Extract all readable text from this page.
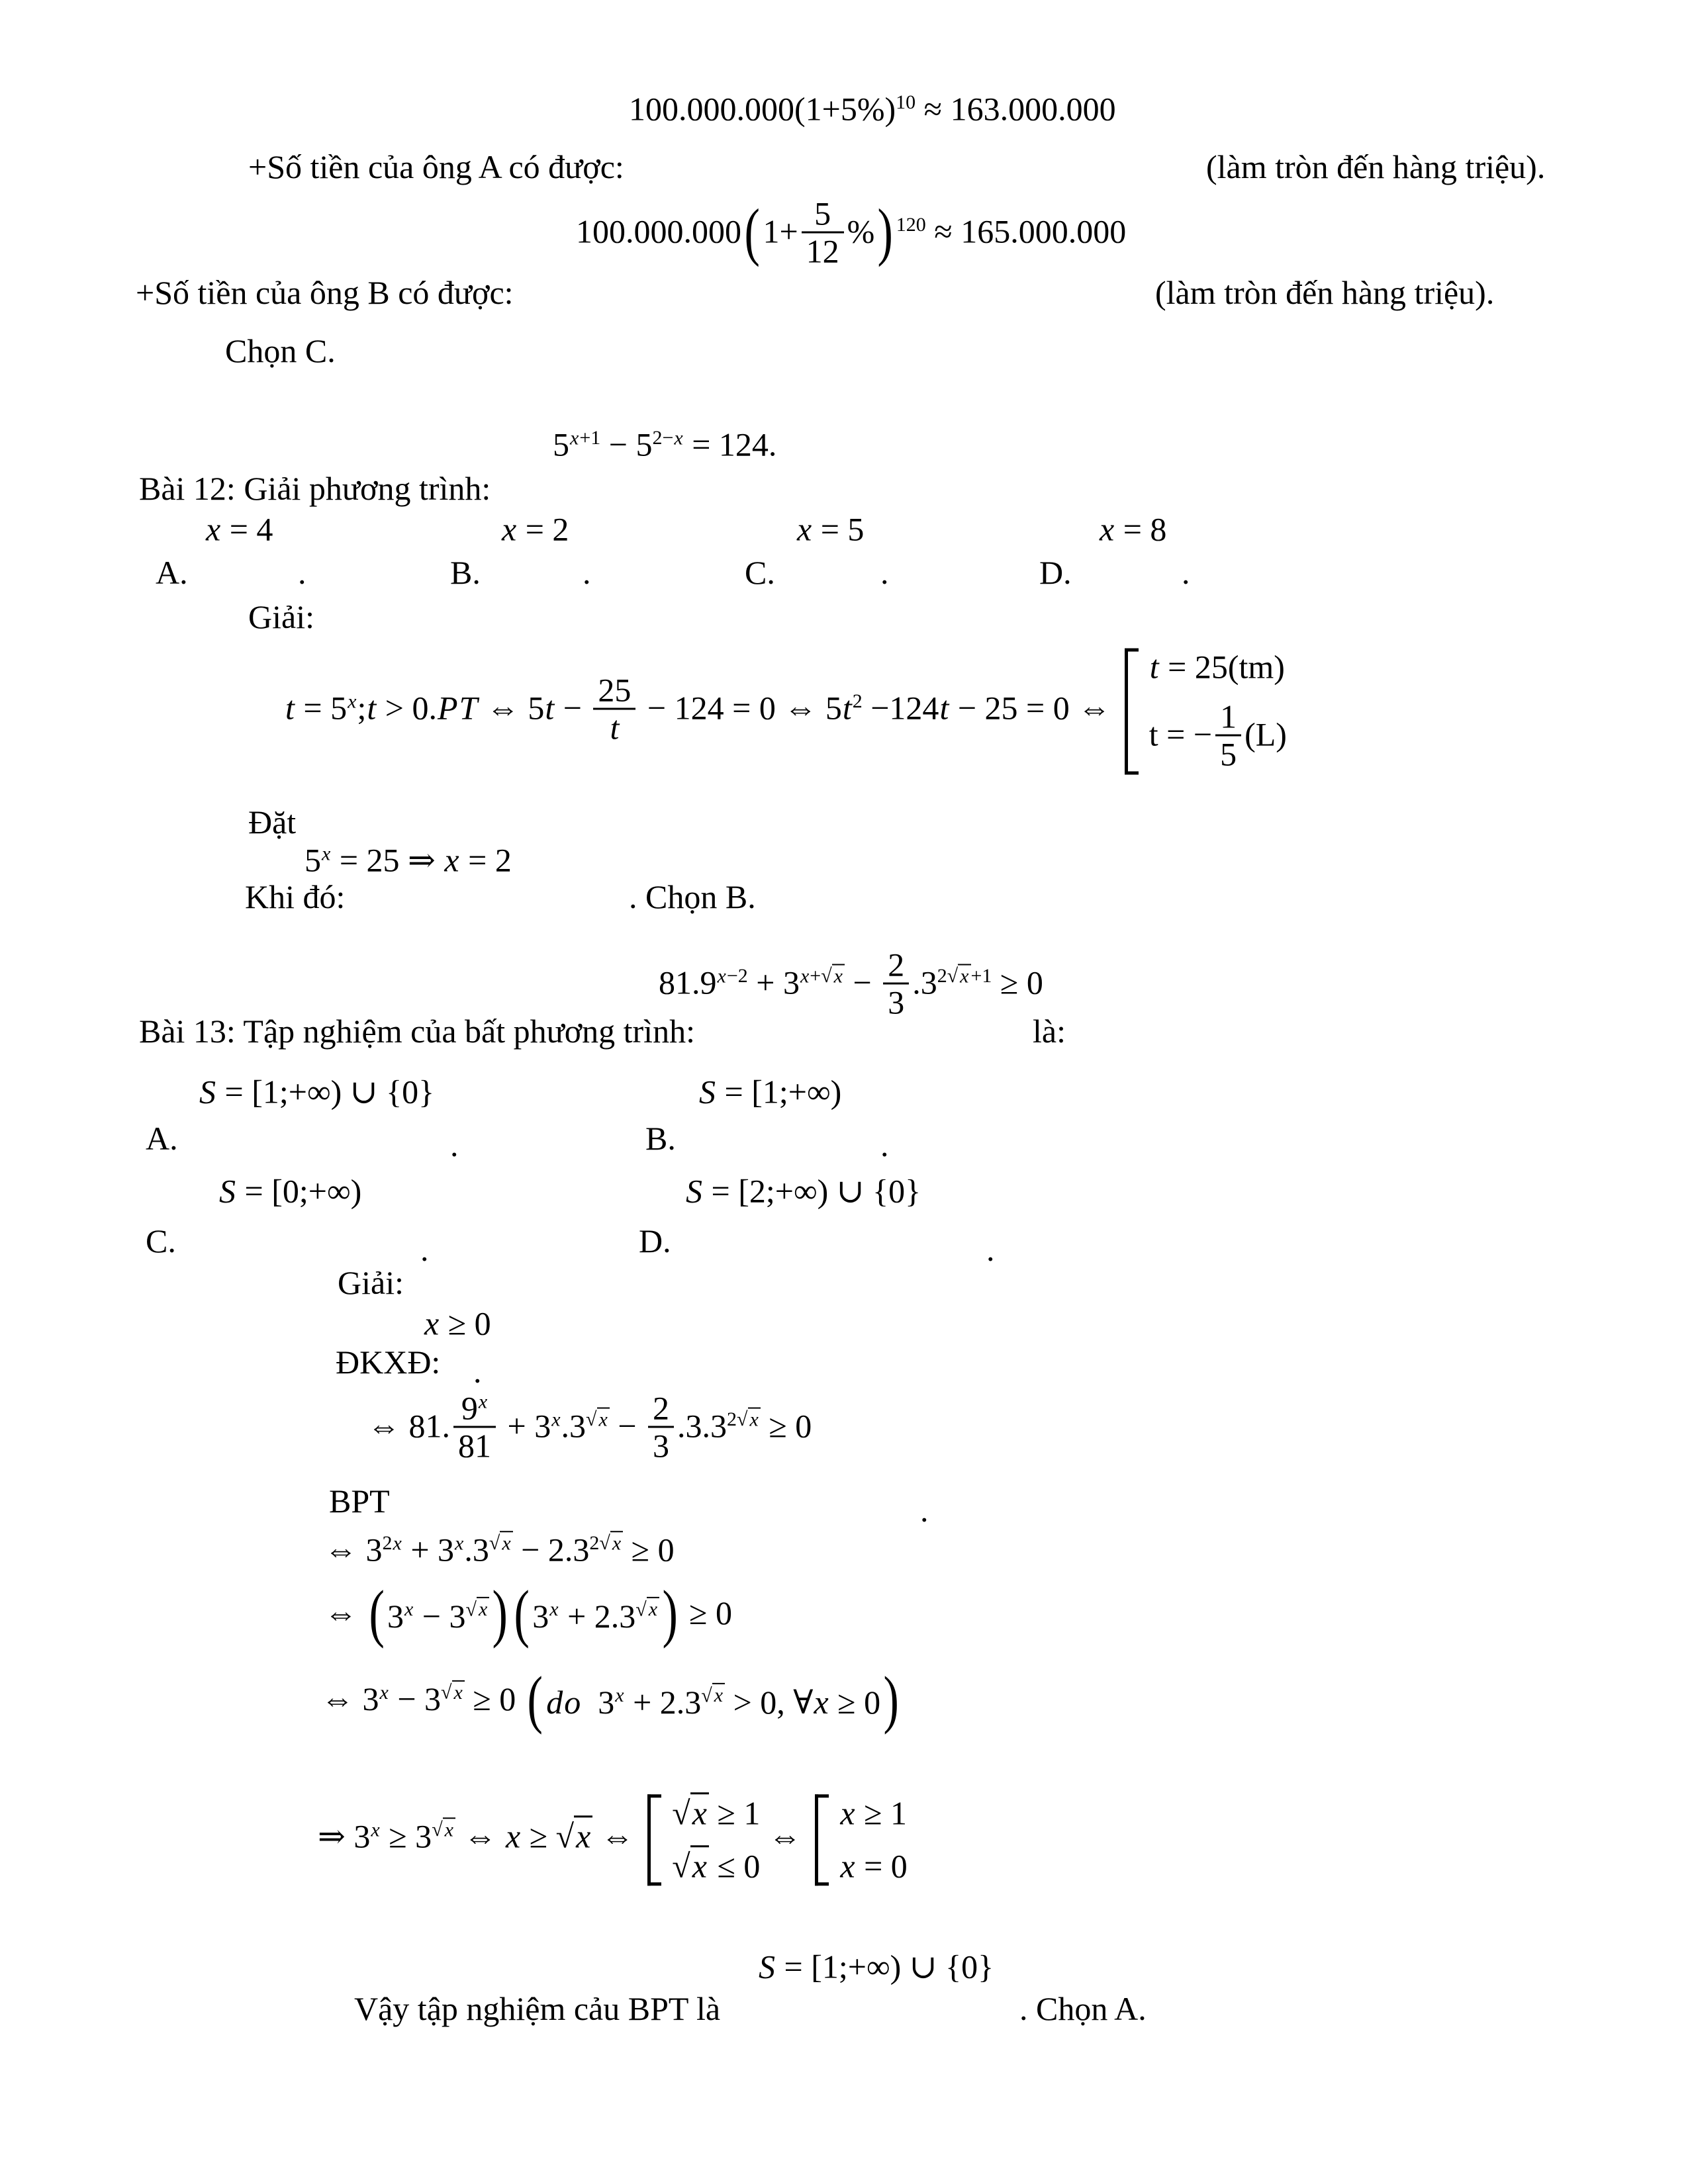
$100.000.000(1+5\%)^{10} \approx 163.000.000$
+Số tiền của ông A có được:	(làm tròn đến hàng triệu).
$100.000.000(1+ \frac{5}{12}$ %) $^{120}$ ≈ 165.000.000
+Số tiền của ông B có được:	(làm tròn đến hàng triệu).
Chọn C.
$5^{x+1} - 5^{2-x} = 124$.
Bài 12: Giải phương trình:
A.
x = 4
.	B.
x = 2
.	C.
x = 5
.	D.
x = 8
.
Giải:
$t = 5^x;t > 0.PT$ ⇔ $5t - \frac{25}{t} - 124 = 0$ ⇔ $5t^2 -124t - 25 = 0$ ⇔
t = 25(tm)
t = − $\frac{1}{5} (L)$
Đặt
$5^x = 25$ ⇒ x = 2
Khi đó:	. Chọn B.
$81.9^{x-2} + 3^{x+√ x} - \frac{2}{3} .3^{2√ x +1} \ge 0$
Bài 13: Tập nghiệm của bất phương trình:	là:
S = [1;+∞) ∪ {0}
A.	.
S = [1;+∞)
B.	.
S = [0;+∞)
C.	.
S = [2;+∞) ∪ {0}
D.	.
Giải:
x ≥ 0
ĐKXĐ: .
⇔ 81. $\frac{9^x}{81} + 3^x.3^{√ x} - \frac{2}{3} .3.3^{2√ x} \ge 0$
BPT	.
⇔ $3^{2x} + 3^x.3^{√ x} - 2.3^{2√ x} \ge 0$
⇔ $(3^x - 3^{√ x})(3^x + 2.3^{√ x}) \ge 0$
⇔ $3^x - 3^{√ x} \ge 0$ ( do  $3^x + 2.3^{√ x} > 0$, ∀x ≥ 0)
⇒ $3^x \ge 3^{√ x}$ ⇔ x ≥ √x ⇔
√x ≥ 1
√x ≤ 0
⇔
x ≥ 1
x = 0
S = [1;+∞) ∪ {0}
Vậy tập nghiệm cảu BPT là	. Chọn A.
